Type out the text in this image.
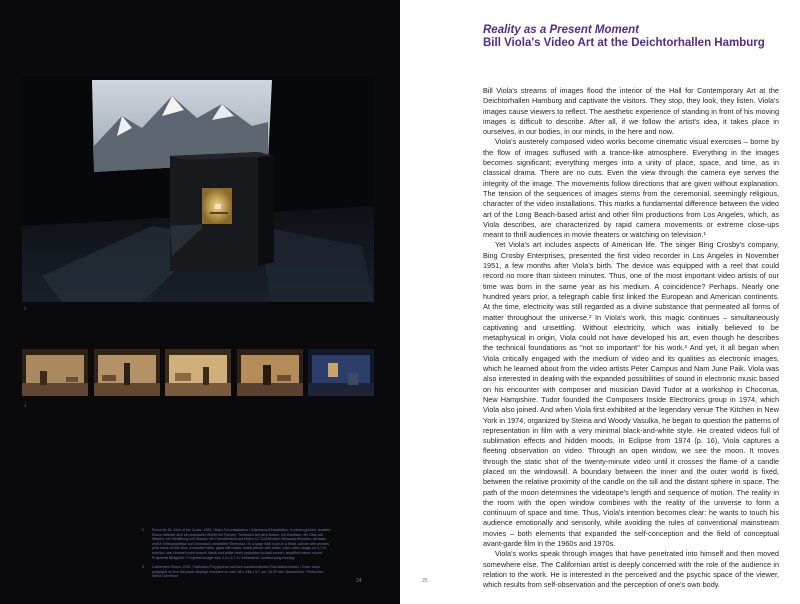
2
3
2 Room for St. John of the Cross, 1983, Video-Ton-Installation / Videosound installation. In einem großen, dunklen Raum befindet sich ein schwarzer Würfel mit Fenster. Tonfrosch auf dem Boden, ein Holztisch, ein Glas voll Wasser, ein Metallkrug voll Wasser, ein Farbvideobild auf einem 3,7-Zoll-Monitor; Einkanal-Monoton; schwarz-weiße Videoprojektion auf Leinwand; verstärkter Stereoton / In a large dark room is a black cubicle with window, peat moss on the floor, a wooden table, glass with water, metal pitcher with water, color video image on 3,7-in. monitor, one-channel mono sound; black-and-white video projection on wall screen; amplified stereo sound. Projizierte Bildgröße / Projected image size 3,4 x 3,7 m; fortlaufend / continuously running
3 Catherine's Room, 2001, Farbvideo-Polyptychon auf fünf wandmontierten Flachbildschirmen / Color video polyptych on five flat panel displays mounted on wall. 38 x 248 x 5,7 cm; 18:39 min. Darstellerin / Performer: Weba Garretson
24	25
Reality as a Present Moment
Bill Viola's Video Art at the Deichtorhallen Hamburg

Bill Viola's streams of images flood the interior of the Hall for Contemporary Art at the Deichtorhallen Hamburg and captivate the visitors. They stop, they look, they listen. Viola's images cause viewers to reflect. The aesthetic experience of standing in front of his moving images is difficult to describe. After all, if we follow the artist's idea, it takes place in ourselves, in our bodies, in our minds, in the here and now.

Viola's austerely composed video works become cinematic visual exercises – borne by the flow of images suffused with a trance-like atmosphere. Everything in the images becomes significant; everything merges into a unity of place, space, and time, as in classical drama. There are no cuts. Even the view through the camera eye serves the integrity of the image. The movements follow directions that are given without explanation. The tension of the sequences of images stems from the ceremonial, seemingly religious, character of the video installations. This marks a fundamental difference between the video art of the Long Beach-based artist and other film productions from Los Angeles, which, as Viola describes, are characterized by rapid camera movements or extreme close-ups meant to thrill audiences in movie theaters or watching on television.¹

Yet Viola's art includes aspects of American life. The singer Bing Crosby's company, Bing Crosby Enterprises, presented the first video recorder in Los Angeles in November 1951, a few months after Viola's birth. The device was equipped with a reel that could record no more than sixteen minutes. Thus, one of the most important video artists of our time was born in the same year as his medium. A coincidence? Perhaps. Nearly one hundred years prior, a telegraph cable first linked the European and American continents. At the time, electricity was still regarded as a divine substance that permeated all forms of matter throughout the universe.² In Viola's work, this magic continues – simultaneously captivating and unsettling. Without electricity, which was initially believed to be metaphysical in origin, Viola could not have developed his art, even though he describes the technical foundations as "not so important" for his work.³ And yet, it all began when Viola critically engaged with the medium of video and its qualities as electronic images, which he learned about from the video artists Peter Campus and Nam June Paik. Viola was also interested in dealing with the expanded possibilities of sound in electronic music based on his encounter with composer and musician David Tudor at a workshop in Chocorua, New Hampshire. Tudor founded the Composers Inside Electronics group in 1974, which Viola also joined. And when Viola first exhibited at the legendary venue The Kitchen in New York in 1974, organized by Steina and Woody Vasulka, he began to question the patterns of representation in film with a very minimal black-and-white style. He created videos full of sublimation effects and hidden moods. In Eclipse from 1974 (p. 16), Viola captures a fleeting observation on video. Through an open window, we see the moon. It moves through the static shot of the twenty-minute video until it crosses the flame of a candle placed on the windowsill. A boundary between the inner and the outer world is fixed, between the relative proximity of the candle on the sill and the distant sphere in space. The path of the moon determines the videotape's length and sequence of motion. The reality in the room with the open window combines with the reality of the universe to form a continuum of space and time. Thus, Viola's intention becomes clear: he wants to touch his audience emotionally and sensorily, while avoiding the rules of conventional mainstream movies – both elements that expanded the self-conception and the field of conceptual avant-garde film in the 1960s and 1970s.

Viola's works speak through images that have penetrated into himself and then moved somewhere else. The Californian artist is deeply concerned with the role of the audience in relation to the work. He is interested in the perceived and the psychic space of the viewer, which results from self-observation and the perception of one's own body.
